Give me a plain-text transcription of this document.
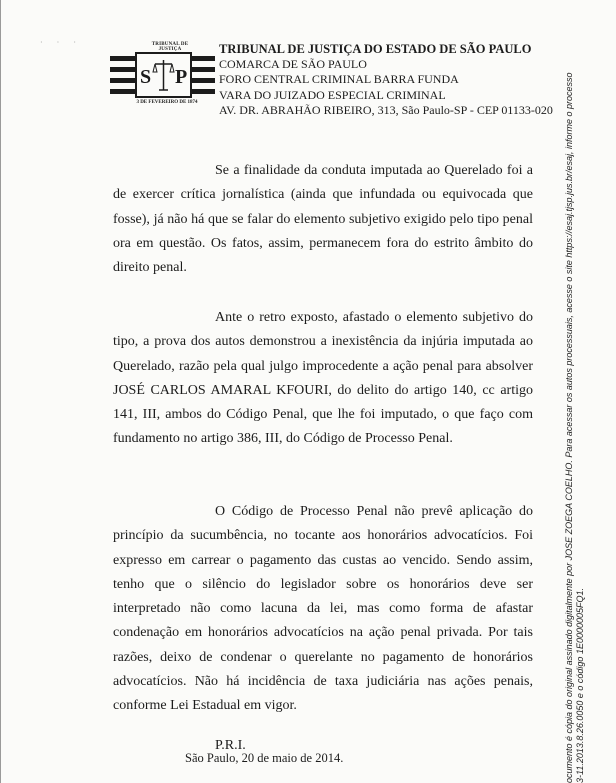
· · ·	TRIBUNAL DE JUSTIÇA
S P
3 DE FEVEREIRO DE 1874
TRIBUNAL DE JUSTIÇA DO ESTADO DE SÃO PAULO
COMARCA DE SÃO PAULO
FORO CENTRAL CRIMINAL BARRA FUNDA
VARA DO JUIZADO ESPECIAL CRIMINAL
AV. DR. ABRAHÃO RIBEIRO, 313, São Paulo-SP - CEP 01133-020
Se a finalidade da conduta imputada ao Querelado foi a de exercer crítica jornalística (ainda que infundada ou equivocada que fosse), já não há que se falar do elemento subjetivo exigido pelo tipo penal ora em questão. Os fatos, assim, permanecem fora do estrito âmbito do direito penal.
Ante o retro exposto, afastado o elemento subjetivo do tipo, a prova dos autos demonstrou a inexistência da injúria imputada ao Querelado, razão pela qual julgo improcedente a ação penal para absolver JOSÉ CARLOS AMARAL KFOURI, do delito do artigo 140, cc artigo 141, III, ambos do Código Penal, que lhe foi imputado, o que faço com fundamento no artigo 386, III, do Código de Processo Penal.
O Código de Processo Penal não prevê aplicação do princípio da sucumbência, no tocante aos honorários advocatícios. Foi expresso em carrear o pagamento das custas ao vencido. Sendo assim, tenho que o silêncio do legislador sobre os honorários deve ser interpretado não como lacuna da lei, mas como forma de afastar condenação em honorários advocatícios na ação penal privada. Por tais razões, deixo de condenar o querelante no pagamento de honorários advocatícios. Não há incidência de taxa judiciária nas ações penais, conforme Lei Estadual em vigor.
P.R.I.
São Paulo, 20 de maio de 2014.	ocumento é cópia do original assinado digitalmente por JOSE ZOEGA COELHO. Para acessar os autos processuais, acesse o site https://esaj.tjsp.jus.br/esaj, informe o processo 3-11.2013.8.26.0050 e o código 1E0000005FQ1.
